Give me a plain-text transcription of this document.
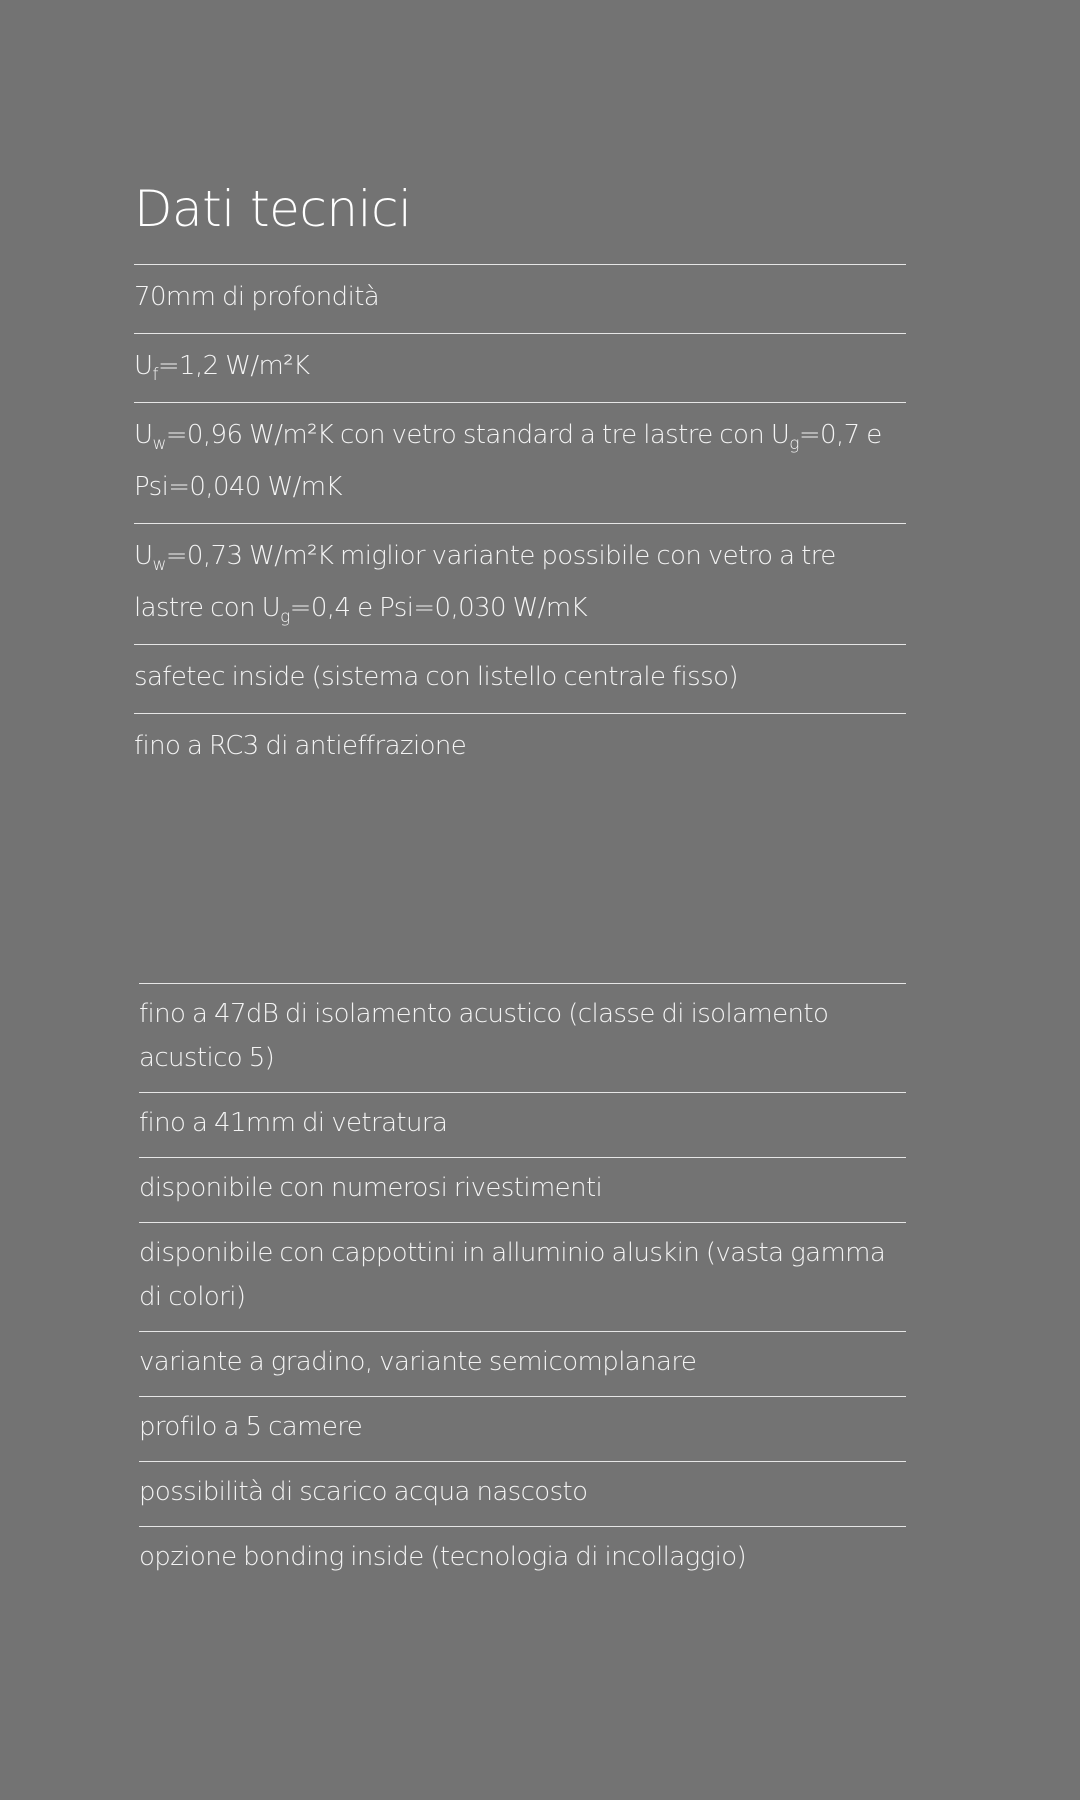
Dati tecnici
70mm di profondità
$U_f=1,2$ W/m²K
$U_w=0,96$ W/m²K con vetro standard a tre lastre con $U_g=0,7$ e Psi=0,040 W/mK
$U_w=0,73$ W/m²K miglior variante possibile con vetro a tre lastre con $U_g=0,4$ e Psi=0,030 W/mK
safetec inside (sistema con listello centrale fisso)
fino a RC3 di antieffrazione
fino a 47dB di isolamento acustico (classe di isolamento acustico 5)
fino a 41mm di vetratura
disponibile con numerosi rivestimenti
disponibile con cappottini in alluminio aluskin (vasta gamma di colori)
variante a gradino, variante semicomplanare
profilo a 5 camere
possibilità di scarico acqua nascosto
opzione bonding inside (tecnologia di incollaggio)
